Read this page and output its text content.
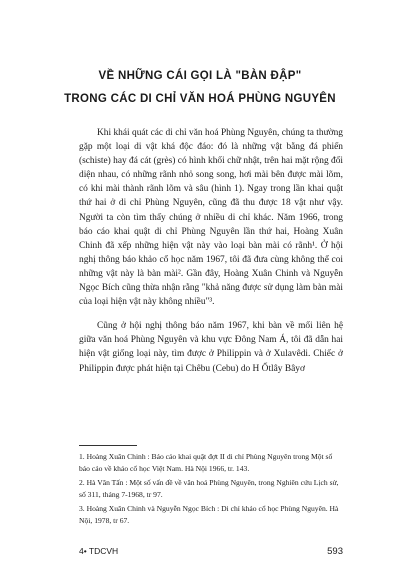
VỀ NHỮNG CÁI GỌI LÀ "BÀN ĐẬP"
TRONG CÁC DI CHỈ VĂN HOÁ PHÙNG NGUYÊN

Khi khái quát các di chỉ văn hoá Phùng Nguyên, chúng ta thường gặp một loại di vật khá độc đáo: đó là những vật bằng đá phiến (schiste) hay đá cát (grès) có hình khối chữ nhật, trên hai mặt rộng đối diện nhau, có những rãnh nhỏ song song, hơi mài bên được mài lõm, có khi mài thành rãnh lõm và sâu (hình 1). Ngay trong lần khai quật thứ hai ở di chỉ Phùng Nguyên, cũng đã thu được 18 vật như vậy. Người ta còn tìm thấy chúng ở nhiều di chỉ khác. Năm 1966, trong báo cáo khai quật di chỉ Phùng Nguyên lần thứ hai, Hoàng Xuân Chinh đã xếp những hiện vật này vào loại bàn mài có rãnh¹. Ở hội nghị thông báo khảo cổ học năm 1967, tôi đã đưa cùng không thể coi những vật này là bàn mài². Gần đây, Hoàng Xuân Chinh và Nguyễn Ngọc Bích cũng thừa nhận rằng "khả năng được sử dụng làm bàn mài của loại hiện vật này không nhiều"³.

Cũng ở hội nghị thông báo năm 1967, khi bàn về mối liên hệ giữa văn hoá Phùng Nguyên và khu vực Đông Nam Á, tôi đã dẫn hai hiện vật giống loại này, tìm được ở Philippin và ở Xulavêdi. Chiếc ở Philippin được phát hiện tại Chêbu (Cebu) do H Ốtlây Bâyơ

1. Hoàng Xuân Chinh : Báo cáo khai quật đợt II di chỉ Phùng Nguyên trong Một số báo cáo về khảo cổ học Việt Nam. Hà Nội 1966, tr. 143.

2. Hà Văn Tấn : Một số vấn đề về văn hoá Phùng Nguyên, trong Nghiên cứu Lịch sử, số 311, tháng 7-1968, tr 97.

3. Hoàng Xuân Chinh và Nguyễn Ngọc Bích : Di chỉ khảo cổ học Phùng Nguyên. Hà Nội, 1978, tr 67.

4• TDCVH	593
